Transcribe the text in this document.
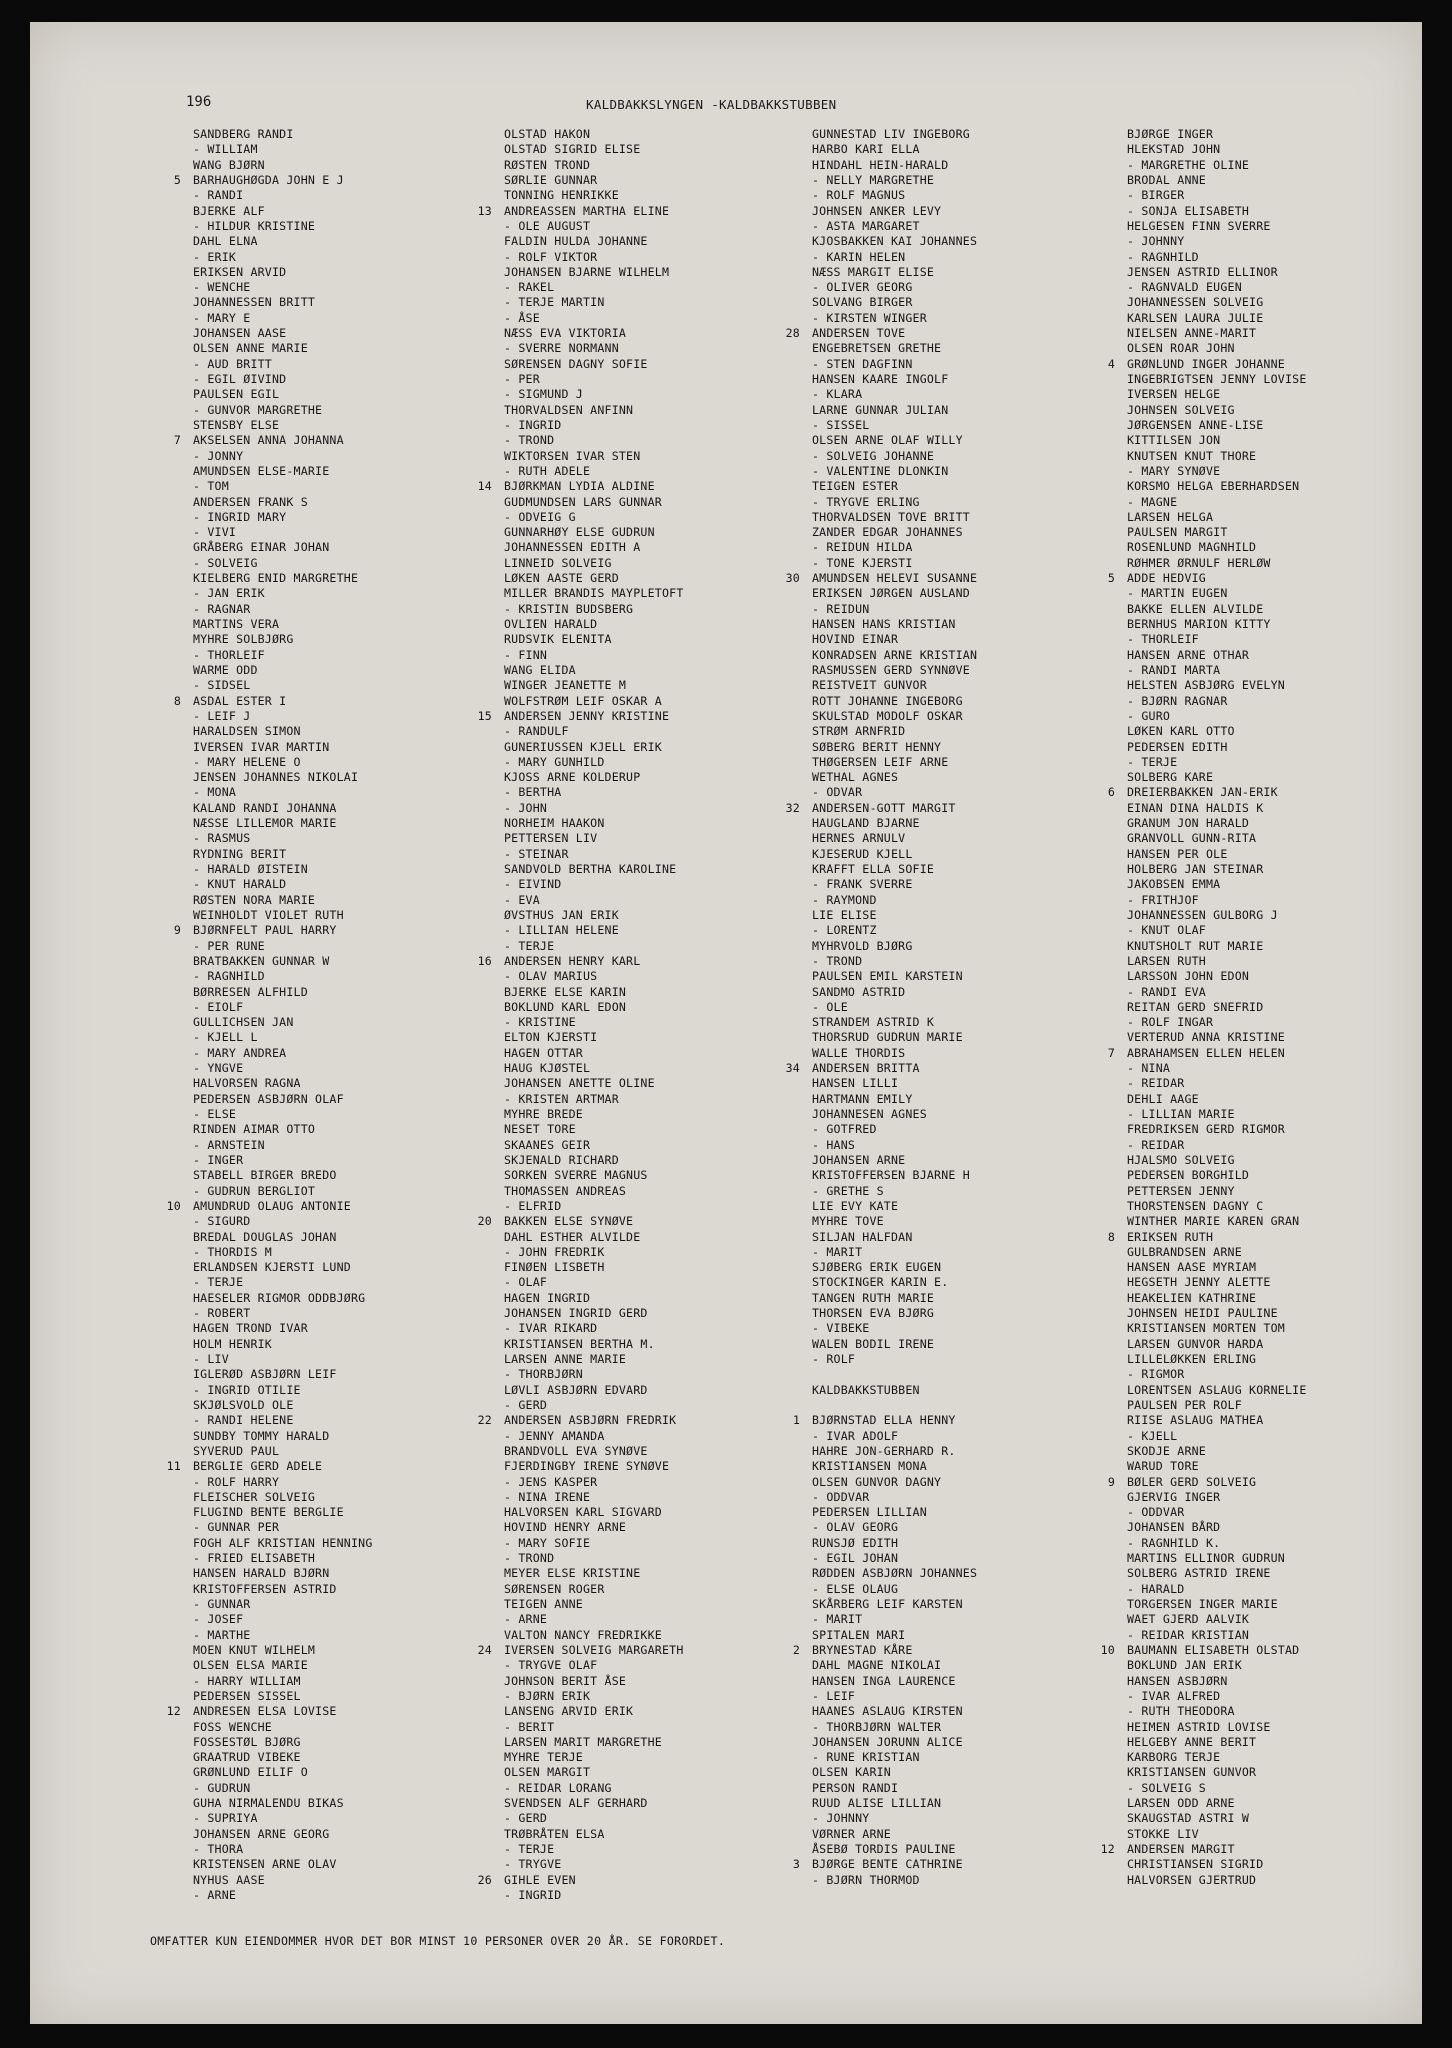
196	KALDBAKKSLYNGEN -KALDBAKKSTUBBEN
SANDBERG RANDI
- WILLIAM
WANG BJØRN
5 BARHAUGHØGDA JOHN E J
- RANDI
BJERKE ALF
- HILDUR KRISTINE
DAHL ELNA
- ERIK
ERIKSEN ARVID
- WENCHE
JOHANNESSEN BRITT
- MARY E
JOHANSEN AASE
OLSEN ANNE MARIE
- AUD BRITT
- EGIL ØIVIND
PAULSEN EGIL
- GUNVOR MARGRETHE
STENSBY ELSE
7 AKSELSEN ANNA JOHANNA
- JONNY
AMUNDSEN ELSE-MARIE
- TOM
ANDERSEN FRANK S
- INGRID MARY
- VIVI
GRÅBERG EINAR JOHAN
- SOLVEIG
KIELBERG ENID MARGRETHE
- JAN ERIK
- RAGNAR
MARTINS VERA
MYHRE SOLBJØRG
- THORLEIF
WARME ODD
- SIDSEL
8 ASDAL ESTER I
- LEIF J
HARALDSEN SIMON
IVERSEN IVAR MARTIN
- MARY HELENE O
JENSEN JOHANNES NIKOLAI
- MONA
KALAND RANDI JOHANNA
NÆSSE LILLEMOR MARIE
- RASMUS
RYDNING BERIT
- HARALD ØISTEIN
- KNUT HARALD
RØSTEN NORA MARIE
WEINHOLDT VIOLET RUTH
9 BJØRNFELT PAUL HARRY
- PER RUNE
BRATBAKKEN GUNNAR W
- RAGNHILD
BØRRESEN ALFHILD
- EIOLF
GULLICHSEN JAN
- KJELL L
- MARY ANDREA
- YNGVE
HALVORSEN RAGNA
PEDERSEN ASBJØRN OLAF
- ELSE
RINDEN AIMAR OTTO
- ARNSTEIN
- INGER
STABELL BIRGER BREDO
- GUDRUN BERGLIOT
10 AMUNDRUD OLAUG ANTONIE
- SIGURD
BREDAL DOUGLAS JOHAN
- THORDIS M
ERLANDSEN KJERSTI LUND
- TERJE
HAESELER RIGMOR ODDBJØRG
- ROBERT
HAGEN TROND IVAR
HOLM HENRIK
- LIV
IGLERØD ASBJØRN LEIF
- INGRID OTILIE
SKJØLSVOLD OLE
- RANDI HELENE
SUNDBY TOMMY HARALD
SYVERUD PAUL
11 BERGLIE GERD ADELE
- ROLF HARRY
FLEISCHER SOLVEIG
FLUGIND BENTE BERGLIE
- GUNNAR PER
FOGH ALF KRISTIAN HENNING
- FRIED ELISABETH
HANSEN HARALD BJØRN
KRISTOFFERSEN ASTRID
- GUNNAR
- JOSEF
- MARTHE
MOEN KNUT WILHELM
OLSEN ELSA MARIE
- HARRY WILLIAM
PEDERSEN SISSEL
12 ANDRESEN ELSA LOVISE
FOSS WENCHE
FOSSESTØL BJØRG
GRAATRUD VIBEKE
GRØNLUND EILIF O
- GUDRUN
GUHA NIRMALENDU BIKAS
- SUPRIYA
JOHANSEN ARNE GEORG
- THORA
KRISTENSEN ARNE OLAV
NYHUS AASE
- ARNE
OLSTAD HAKON
OLSTAD SIGRID ELISE
RØSTEN TROND
SØRLIE GUNNAR
TONNING HENRIKKE
13 ANDREASSEN MARTHA ELINE
- OLE AUGUST
FALDIN HULDA JOHANNE
- ROLF VIKTOR
JOHANSEN BJARNE WILHELM
- RAKEL
- TERJE MARTIN
- ÅSE
NÆSS EVA VIKTORIA
- SVERRE NORMANN
SØRENSEN DAGNY SOFIE
- PER
- SIGMUND J
THORVALDSEN ANFINN
- INGRID
- TROND
WIKTORSEN IVAR STEN
- RUTH ADELE
14 BJØRKMAN LYDIA ALDINE
GUDMUNDSEN LARS GUNNAR
- ODVEIG G
GUNNARHØY ELSE GUDRUN
JOHANNESSEN EDITH A
LINNEID SOLVEIG
LØKEN AASTE GERD
MILLER BRANDIS MAYPLETOFT
- KRISTIN BUDSBERG
OVLIEN HARALD
RUDSVIK ELENITA
- FINN
WANG ELIDA
WINGER JEANETTE M
WOLFSTRØM LEIF OSKAR A
15 ANDERSEN JENNY KRISTINE
- RANDULF
GUNERIUSSEN KJELL ERIK
- MARY GUNHILD
KJOSS ARNE KOLDERUP
- BERTHA
- JOHN
NORHEIM HAAKON
PETTERSEN LIV
- STEINAR
SANDVOLD BERTHA KAROLINE
- EIVIND
- EVA
ØVSTHUS JAN ERIK
- LILLIAN HELENE
- TERJE
16 ANDERSEN HENRY KARL
- OLAV MARIUS
BJERKE ELSE KARIN
BOKLUND KARL EDON
- KRISTINE
ELTON KJERSTI
HAGEN OTTAR
HAUG KJØSTEL
JOHANSEN ANETTE OLINE
- KRISTEN ARTMAR
MYHRE BREDE
NESET TORE
SKAANES GEIR
SKJENALD RICHARD
SORKEN SVERRE MAGNUS
THOMASSEN ANDREAS
- ELFRID
20 BAKKEN ELSE SYNØVE
DAHL ESTHER ALVILDE
- JOHN FREDRIK
FINØEN LISBETH
- OLAF
HAGEN INGRID
JOHANSEN INGRID GERD
- IVAR RIKARD
KRISTIANSEN BERTHA M.
LARSEN ANNE MARIE
- THORBJØRN
LØVLI ASBJØRN EDVARD
- GERD
22 ANDERSEN ASBJØRN FREDRIK
- JENNY AMANDA
BRANDVOLL EVA SYNØVE
FJERDINGBY IRENE SYNØVE
- JENS KASPER
- NINA IRENE
HALVORSEN KARL SIGVARD
HOVIND HENRY ARNE
- MARY SOFIE
- TROND
MEYER ELSE KRISTINE
SØRENSEN ROGER
TEIGEN ANNE
- ARNE
VALTON NANCY FREDRIKKE
24 IVERSEN SOLVEIG MARGARETH
- TRYGVE OLAF
JOHNSON BERIT ÅSE
- BJØRN ERIK
LANSENG ARVID ERIK
- BERIT
LARSEN MARIT MARGRETHE
MYHRE TERJE
OLSEN MARGIT
- REIDAR LORANG
SVENDSEN ALF GERHARD
- GERD
TRØBRÅTEN ELSA
- TERJE
- TRYGVE
26 GIHLE EVEN
- INGRID
GUNNESTAD LIV INGEBORG
HARBO KARI ELLA
HINDAHL HEIN-HARALD
- NELLY MARGRETHE
- ROLF MAGNUS
JOHNSEN ANKER LEVY
- ASTA MARGARET
KJOSBAKKEN KAI JOHANNES
- KARIN HELEN
NÆSS MARGIT ELISE
- OLIVER GEORG
SOLVANG BIRGER
- KIRSTEN WINGER
28 ANDERSEN TOVE
ENGEBRETSEN GRETHE
- STEN DAGFINN
HANSEN KAARE INGOLF
- KLARA
LARNE GUNNAR JULIAN
- SISSEL
OLSEN ARNE OLAF WILLY
- SOLVEIG JOHANNE
- VALENTINE DLONKIN
TEIGEN ESTER
- TRYGVE ERLING
THORVALDSEN TOVE BRITT
ZANDER EDGAR JOHANNES
- REIDUN HILDA
- TONE KJERSTI
30 AMUNDSEN HELEVI SUSANNE
ERIKSEN JØRGEN AUSLAND
- REIDUN
HANSEN HANS KRISTIAN
HOVIND EINAR
KONRADSEN ARNE KRISTIAN
RASMUSSEN GERD SYNNØVE
REISTVEIT GUNVOR
ROTT JOHANNE INGEBORG
SKULSTAD MODOLF OSKAR
STRØM ARNFRID
SØBERG BERIT HENNY
THØGERSEN LEIF ARNE
WETHAL AGNES
- ODVAR
32 ANDERSEN-GOTT MARGIT
HAUGLAND BJARNE
HERNES ARNULV
KJESERUD KJELL
KRAFFT ELLA SOFIE
- FRANK SVERRE
- RAYMOND
LIE ELISE
- LORENTZ
MYHRVOLD BJØRG
- TROND
PAULSEN EMIL KARSTEIN
SANDMO ASTRID
- OLE
STRANDEM ASTRID K
THORSRUD GUDRUN MARIE
WALLE THORDIS
34 ANDERSEN BRITTA
HANSEN LILLI
HARTMANN EMILY
JOHANNESEN AGNES
- GOTFRED
- HANS
JOHANSEN ARNE
KRISTOFFERSEN BJARNE H
- GRETHE S
LIE EVY KATE
MYHRE TOVE
SILJAN HALFDAN
- MARIT
SJØBERG ERIK EUGEN
STOCKINGER KARIN E.
TANGEN RUTH MARIE
THORSEN EVA BJØRG
- VIBEKE
WALEN BODIL IRENE
- ROLF
KALDBAKKSTUBBEN
1 BJØRNSTAD ELLA HENNY
- IVAR ADOLF
HAHRE JON-GERHARD R.
KRISTIANSEN MONA
OLSEN GUNVOR DAGNY
- ODDVAR
PEDERSEN LILLIAN
- OLAV GEORG
RUNSJØ EDITH
- EGIL JOHAN
RØDDEN ASBJØRN JOHANNES
- ELSE OLAUG
SKÅRBERG LEIF KARSTEN
- MARIT
SPITALEN MARI
2 BRYNESTAD KÅRE
DAHL MAGNE NIKOLAI
HANSEN INGA LAURENCE
- LEIF
HAANES ASLAUG KIRSTEN
- THORBJØRN WALTER
JOHANSEN JORUNN ALICE
- RUNE KRISTIAN
OLSEN KARIN
PERSON RANDI
RUUD ALISE LILLIAN
- JOHNNY
VØRNER ARNE
ÅSEBØ TORDIS PAULINE
3 BJØRGE BENTE CATHRINE
- BJØRN THORMOD
BJØRGE INGER
HLEKSTAD JOHN
- MARGRETHE OLINE
BRODAL ANNE
- BIRGER
- SONJA ELISABETH
HELGESEN FINN SVERRE
- JOHNNY
- RAGNHILD
JENSEN ASTRID ELLINOR
- RAGNVALD EUGEN
JOHANNESSEN SOLVEIG
KARLSEN LAURA JULIE
NIELSEN ANNE-MARIT
OLSEN ROAR JOHN
4 GRØNLUND INGER JOHANNE
INGEBRIGTSEN JENNY LOVISE
IVERSEN HELGE
JOHNSEN SOLVEIG
JØRGENSEN ANNE-LISE
KITTILSEN JON
KNUTSEN KNUT THORE
- MARY SYNØVE
KORSMO HELGA EBERHARDSEN
- MAGNE
LARSEN HELGA
PAULSEN MARGIT
ROSENLUND MAGNHILD
RØHMER ØRNULF HERLØW
5 ADDE HEDVIG
- MARTIN EUGEN
BAKKE ELLEN ALVILDE
BERNHUS MARION KITTY
- THORLEIF
HANSEN ARNE OTHAR
- RANDI MARTA
HELSTEN ASBJØRG EVELYN
- BJØRN RAGNAR
- GURO
LØKEN KARL OTTO
PEDERSEN EDITH
- TERJE
SOLBERG KARE
6 DREIERBAKKEN JAN-ERIK
EINAN DINA HALDIS K
GRANUM JON HARALD
GRANVOLL GUNN-RITA
HANSEN PER OLE
HOLBERG JAN STEINAR
JAKOBSEN EMMA
- FRITHJOF
JOHANNESSEN GULBORG J
- KNUT OLAF
KNUTSHOLT RUT MARIE
LARSEN RUTH
LARSSON JOHN EDON
- RANDI EVA
REITAN GERD SNEFRID
- ROLF INGAR
VERTERUD ANNA KRISTINE
7 ABRAHAMSEN ELLEN HELEN
- NINA
- REIDAR
DEHLI AAGE
- LILLIAN MARIE
FREDRIKSEN GERD RIGMOR
- REIDAR
HJALSMO SOLVEIG
PEDERSEN BORGHILD
PETTERSEN JENNY
THORSTENSEN DAGNY C
WINTHER MARIE KAREN GRAN
8 ERIKSEN RUTH
GULBRANDSEN ARNE
HANSEN AASE MYRIAM
HEGSETH JENNY ALETTE
HEAKELIEN KATHRINE
JOHNSEN HEIDI PAULINE
KRISTIANSEN MORTEN TOM
LARSEN GUNVOR HARDA
LILLELØKKEN ERLING
- RIGMOR
LORENTSEN ASLAUG KORNELIE
PAULSEN PER ROLF
RIISE ASLAUG MATHEA
- KJELL
SKODJE ARNE
WARUD TORE
9 BØLER GERD SOLVEIG
GJERVIG INGER
- ODDVAR
JOHANSEN BÅRD
- RAGNHILD K.
MARTINS ELLINOR GUDRUN
SOLBERG ASTRID IRENE
- HARALD
TORGERSEN INGER MARIE
WAET GJERD AALVIK
- REIDAR KRISTIAN
10 BAUMANN ELISABETH OLSTAD
BOKLUND JAN ERIK
HANSEN ASBJØRN
- IVAR ALFRED
- RUTH THEODORA
HEIMEN ASTRID LOVISE
HELGEBY ANNE BERIT
KARBORG TERJE
KRISTIANSEN GUNVOR
- SOLVEIG S
LARSEN ODD ARNE
SKAUGSTAD ASTRI W
STOKKE LIV
12 ANDERSEN MARGIT
CHRISTIANSEN SIGRID
HALVORSEN GJERTRUD
OMFATTER KUN EIENDOMMER HVOR DET BOR MINST 10 PERSONER OVER 20 ÅR. SE FORORDET.
